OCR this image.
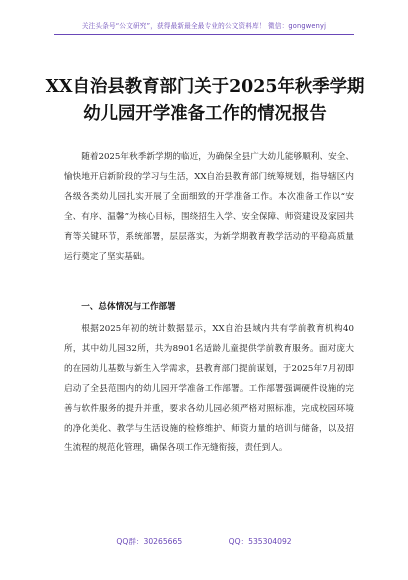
关注头条号“公文研究”，获得最新最全最专业的公文资料库！ 微信：gongwenyj
XX自治县教育部门关于2025年秋季学期幼儿园开学准备工作的情况报告

随着2025年秋季新学期的临近，为确保全县广大幼儿能够顺利、安全、愉快地开启新阶段的学习与生活，XX自治县教育部门统筹规划，指导辖区内各级各类幼儿园扎实开展了全面细致的开学准备工作。本次准备工作以“安全、有序、温馨”为核心目标，围绕招生入学、安全保障、师资建设及家园共育等关键环节，系统部署，层层落实，为新学期教育教学活动的平稳高质量运行奠定了坚实基础。

一、总体情况与工作部署

根据2025年初的统计数据显示，XX自治县域内共有学前教育机构40所，其中幼儿园32所，共为8901名适龄儿童提供学前教育服务。面对庞大的在园幼儿基数与新生入学需求，县教育部门提前谋划，于2025年7月初即启动了全县范围内的幼儿园开学准备工作部署。工作部署强调硬件设施的完善与软件服务的提升并重，要求各幼儿园必须严格对照标准，完成校园环境的净化美化、教学与生活设施的检修维护、师资力量的培训与储备，以及招生流程的规范化管理，确保各项工作无缝衔接，责任到人。

QQ群：30265665	QQ：535304092
